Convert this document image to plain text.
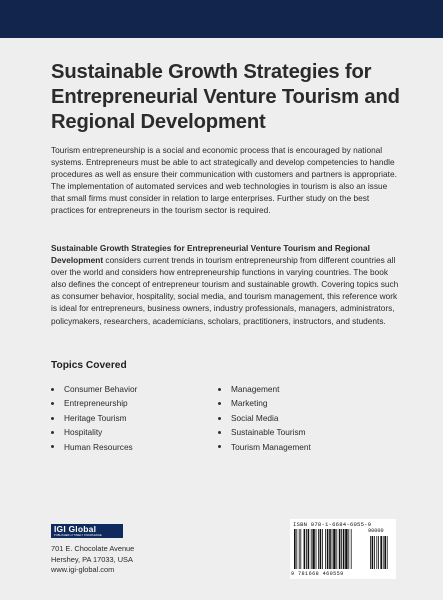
Sustainable Growth Strategies for Entrepreneurial Venture Tourism and Regional Development

Tourism entrepreneurship is a social and economic process that is encouraged by national systems. Entrepreneurs must be able to act strategically and develop competencies to handle procedures as well as ensure their communication with customers and partners is appropriate. The implementation of automated services and web technologies in tourism is also an issue that small firms must consider in relation to large enterprises. Further study on the best practices for entrepreneurs in the tourism sector is required.

Sustainable Growth Strategies for Entrepreneurial Venture Tourism and Regional Development considers current trends in tourism entrepreneurship from different countries all over the world and considers how entrepreneurship functions in varying countries. The book also defines the concept of entrepreneur tourism and sustainable growth. Covering topics such as consumer behavior, hospitality, social media, and tourism management, this reference work is ideal for entrepreneurs, business owners, industry professionals, managers, administrators, policymakers, researchers, academicians, scholars, practitioners, instructors, and students.

Topics Covered
Consumer Behavior
Entrepreneurship
Heritage Tourism
Hospitality
Human Resources
Management
Marketing
Social Media
Sustainable Tourism
Tourism Management
IGI Global
PUBLISHER of TIMELY KNOWLEDGE
701 E. Chocolate Avenue
Hershey, PA 17033, USA
www.igi-global.com
ISBN 978-1-6684-6055-9
90000
9 781668 460559
